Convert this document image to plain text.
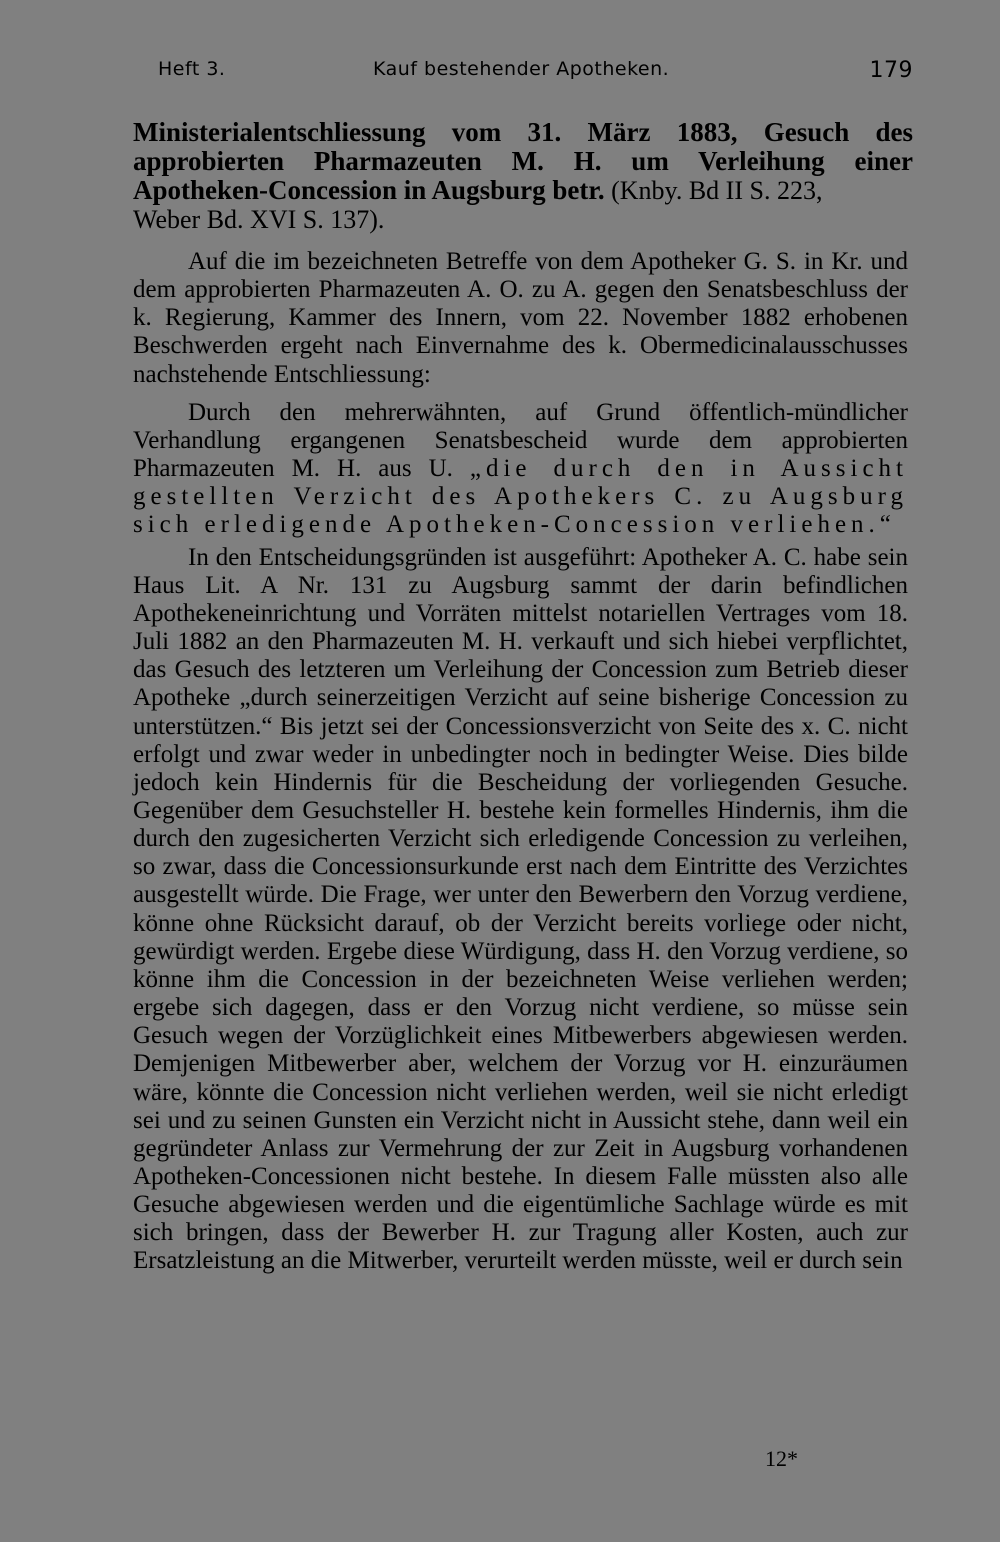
Heft 3.	Kauf bestehender Apotheken.	179
Ministerialentschliessung vom 31. März 1883, Gesuch des approbierten Pharmazeuten M. H. um Verleihung einer Apotheken-Concession in Augsburg betr. (Knby. Bd II S. 223,
Weber Bd. XVI S. 137).

Auf die im bezeichneten Betreffe von dem Apotheker G. S. in Kr. und dem approbierten Pharmazeuten A. O. zu A. gegen den Senatsbeschluss der k. Regierung, Kammer des Innern, vom 22. November 1882 erhobenen Beschwerden ergeht nach Einvernahme des k. Obermedicinalausschusses nachstehende Entschliessung:

Durch den mehrerwähnten, auf Grund öffentlich-mündlicher Verhandlung ergangenen Senatsbescheid wurde dem approbierten Pharmazeuten M. H. aus U. „die durch den in Aussicht gestellten Verzicht des Apothekers C. zu Augsburg sich erledigende Apotheken-Concession verliehen.“

In den Entscheidungsgründen ist ausgeführt: Apotheker A. C. habe sein Haus Lit. A Nr. 131 zu Augsburg sammt der darin befindlichen Apothekeneinrichtung und Vorräten mittelst notariellen Vertrages vom 18. Juli 1882 an den Pharmazeuten M. H. verkauft und sich hiebei verpflichtet, das Gesuch des letzteren um Verleihung der Concession zum Betrieb dieser Apotheke „durch seinerzeitigen Verzicht auf seine bisherige Concession zu unterstützen.“ Bis jetzt sei der Concessionsverzicht von Seite des x. C. nicht erfolgt und zwar weder in unbedingter noch in bedingter Weise. Dies bilde jedoch kein Hindernis für die Bescheidung der vorliegenden Gesuche. Gegenüber dem Gesuchsteller H. bestehe kein formelles Hindernis, ihm die durch den zugesicherten Verzicht sich erledigende Concession zu verleihen, so zwar, dass die Concessionsurkunde erst nach dem Eintritte des Verzichtes ausgestellt würde. Die Frage, wer unter den Bewerbern den Vorzug verdiene, könne ohne Rücksicht darauf, ob der Verzicht bereits vorliege oder nicht, gewürdigt werden. Ergebe diese Würdigung, dass H. den Vorzug verdiene, so könne ihm die Concession in der bezeichneten Weise verliehen werden; ergebe sich dagegen, dass er den Vorzug nicht verdiene, so müsse sein Gesuch wegen der Vorzüglichkeit eines Mitbewerbers abgewiesen werden. Demjenigen Mitbewerber aber, welchem der Vorzug vor H. einzuräumen wäre, könnte die Concession nicht verliehen werden, weil sie nicht erledigt sei und zu seinen Gunsten ein Verzicht nicht in Aussicht stehe, dann weil ein gegründeter Anlass zur Vermehrung der zur Zeit in Augsburg vorhandenen Apotheken-Concessionen nicht bestehe. In diesem Falle müssten also alle Gesuche abgewiesen werden und die eigentümliche Sachlage würde es mit sich bringen, dass der Bewerber H. zur Tragung aller Kosten, auch zur Ersatzleistung an die Mitwerber, verurteilt werden müsste, weil er durch sein

12*
